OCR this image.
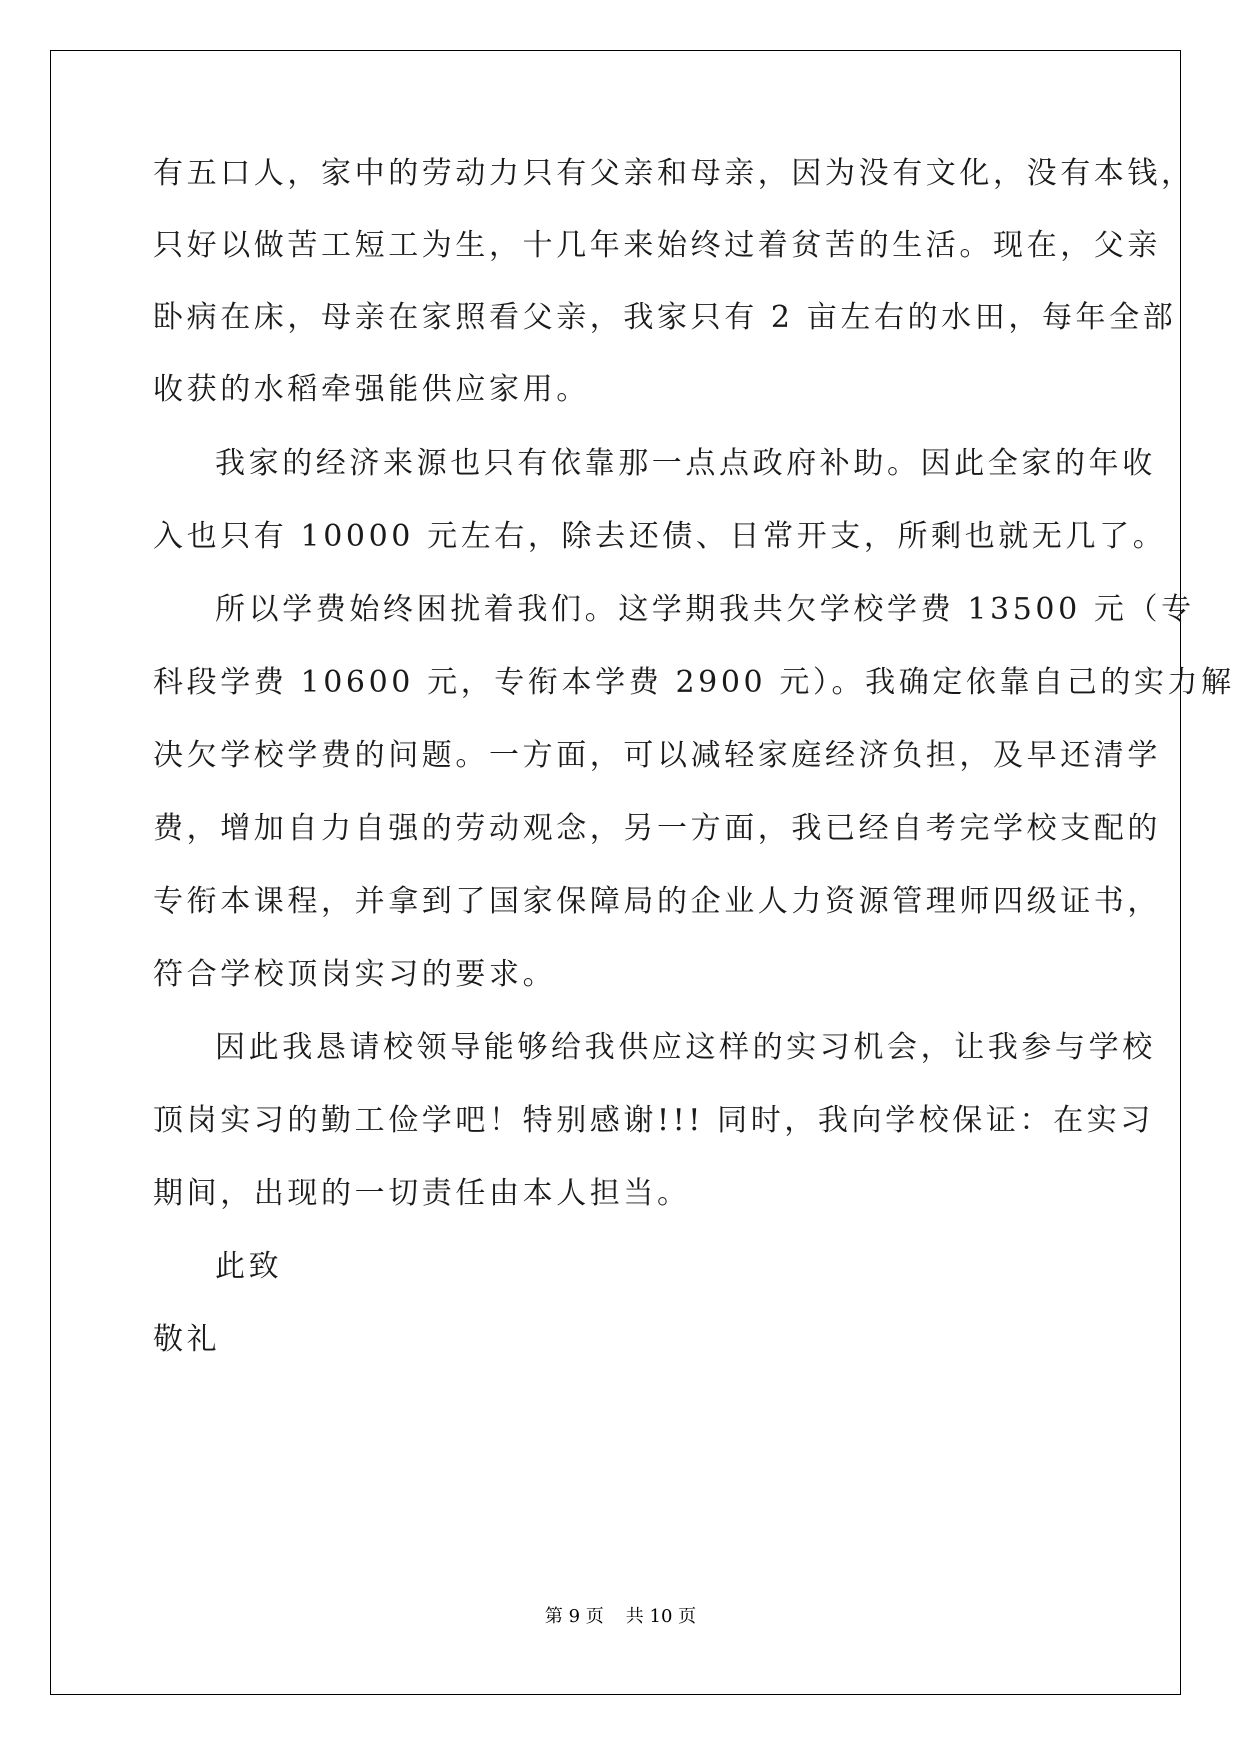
有五口人，家中的劳动力只有父亲和母亲，因为没有文化，没有本钱，
只好以做苦工短工为生，十几年来始终过着贫苦的生活。现在，父亲
卧病在床，母亲在家照看父亲，我家只有 2 亩左右的水田，每年全部
收获的水稻牵强能供应家用。
我家的经济来源也只有依靠那一点点政府补助。因此全家的年收
入也只有 10000 元左右，除去还债、日常开支，所剩也就无几了。
所以学费始终困扰着我们。这学期我共欠学校学费 13500 元（专
科段学费 10600 元，专衔本学费 2900 元）。我确定依靠自己的实力解
决欠学校学费的问题。一方面，可以减轻家庭经济负担，及早还清学
费，增加自力自强的劳动观念，另一方面，我已经自考完学校支配的
专衔本课程，并拿到了国家保障局的企业人力资源管理师四级证书，
符合学校顶岗实习的要求。
因此我恳请校领导能够给我供应这样的实习机会，让我参与学校
顶岗实习的勤工俭学吧！特别感谢!!! 同时，我向学校保证：在实习
期间，出现的一切责任由本人担当。
此致
敬礼
第 9 页 共 10 页
